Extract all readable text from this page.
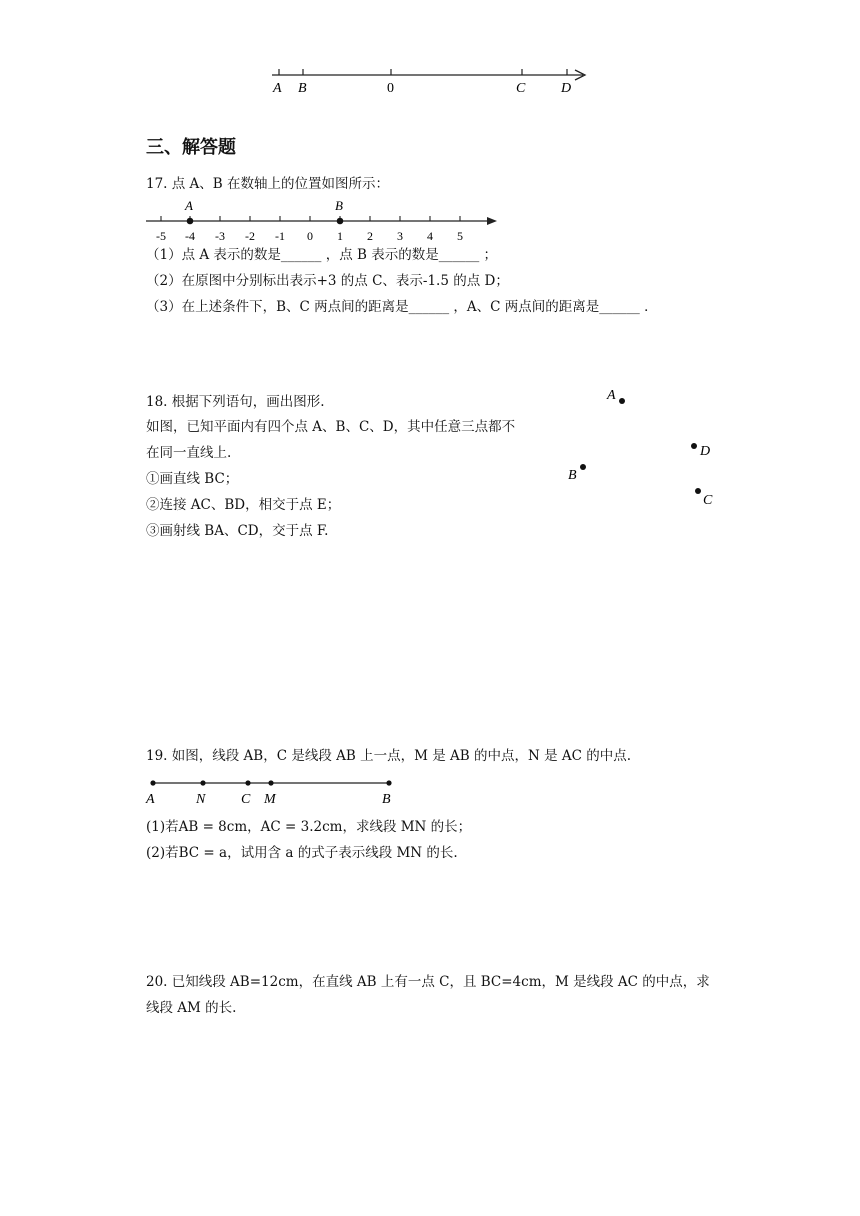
A B	0	C	D
三、解答题
17. 点 A、B 在数轴上的位置如图所示：
A	B
-5 -4 -3 -2 -1 0 1 2 3 4 5
（1）点 A 表示的数是______ ，点 B 表示的数是______ ；
（2）在原图中分别标出表示+3 的点 C、表示-1.5 的点 D；
（3）在上述条件下，B、C 两点间的距离是______ ，A、C 两点间的距离是______ ．
18. 根据下列语句，画出图形.
如图，已知平面内有四个点 A、B、C、D，其中任意三点都不
在同一直线上.
①画直线 BC；
②连接 AC、BD，相交于点 E；
③画射线 BA、CD，交于点 F.
A
B
D
C
19. 如图，线段 AB，C 是线段 AB 上一点，M 是 AB 的中点，N 是 AC 的中点.
A	N	C M	B
(1)若AB = 8cm，AC = 3.2cm，求线段 MN 的长；
(2)若BC = a，试用含 a 的式子表示线段 MN 的长.
20. 已知线段 AB=12cm，在直线 AB 上有一点 C，且 BC=4cm，M 是线段 AC 的中点，求
线段 AM 的长.
